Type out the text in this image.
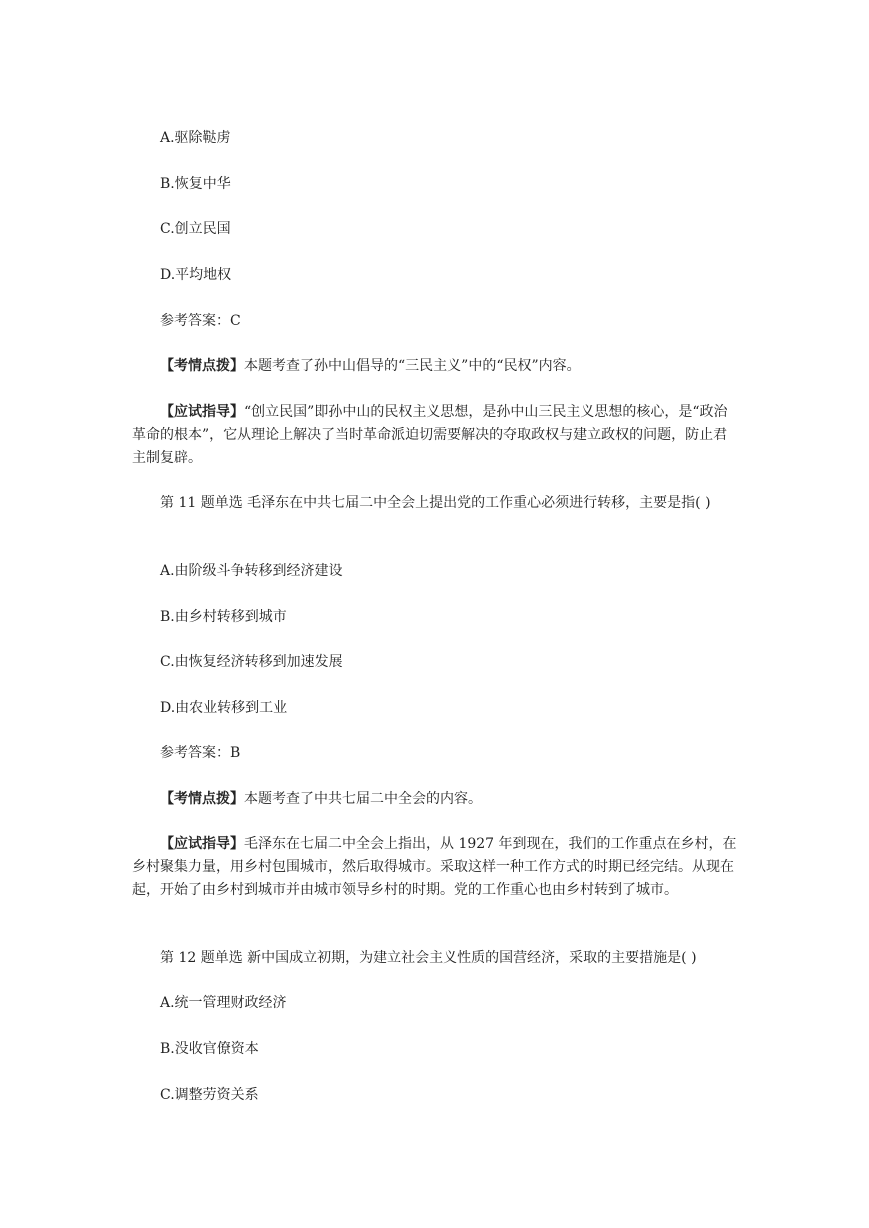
A.驱除鞑虏

B.恢复中华

C.创立民国

D.平均地权

参考答案：C

【考情点拨】本题考查了孙中山倡导的“三民主义”中的“民权”内容。

【应试指导】“创立民国”即孙中山的民权主义思想，是孙中山三民主义思想的核心，是“政治革命的根本”，它从理论上解决了当时革命派迫切需要解决的夺取政权与建立政权的问题，防止君主制复辟。

第 11 题单选 毛泽东在中共七届二中全会上提出党的工作重心必须进行转移，主要是指( )

A.由阶级斗争转移到经济建设

B.由乡村转移到城市

C.由恢复经济转移到加速发展

D.由农业转移到工业

参考答案：B

【考情点拨】本题考查了中共七届二中全会的内容。

【应试指导】毛泽东在七届二中全会上指出，从 1927 年到现在，我们的工作重点在乡村，在乡村聚集力量，用乡村包围城市，然后取得城市。采取这样一种工作方式的时期已经完结。从现在起，开始了由乡村到城市并由城市领导乡村的时期。党的工作重心也由乡村转到了城市。

第 12 题单选 新中国成立初期，为建立社会主义性质的国营经济，采取的主要措施是( )

A.统一管理财政经济

B.没收官僚资本

C.调整劳资关系
